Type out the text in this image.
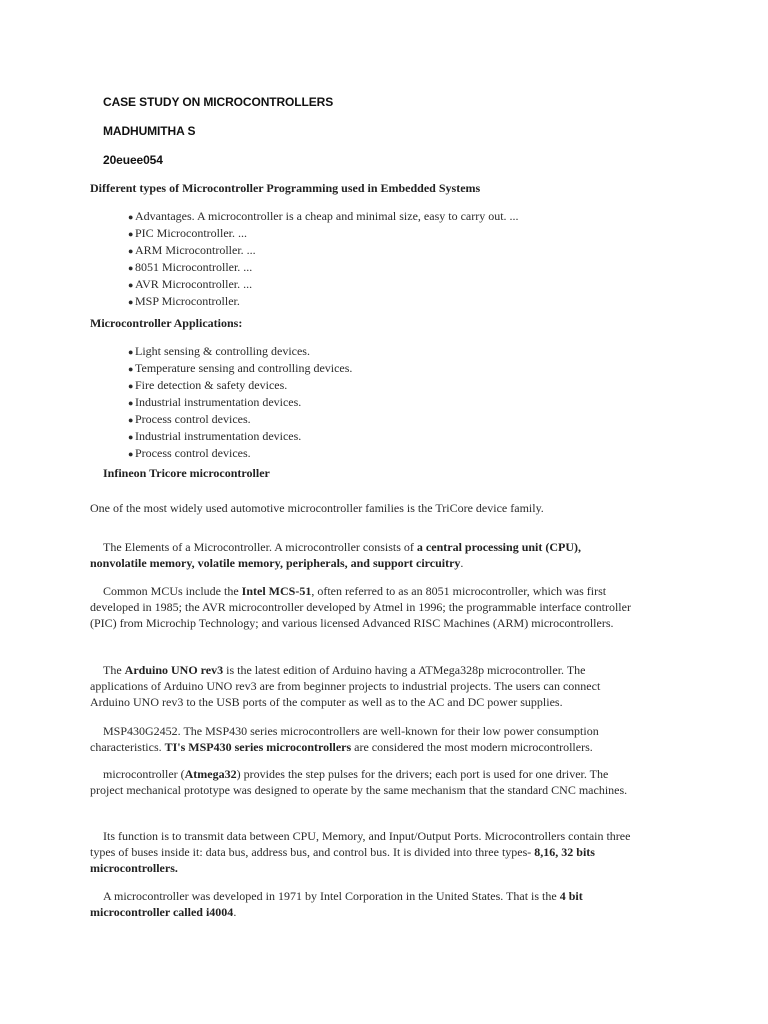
CASE STUDY ON MICROCONTROLLERS
MADHUMITHA S
20euee054
Different types of Microcontroller Programming used in Embedded Systems
● Advantages. A microcontroller is a cheap and minimal size, easy to carry out. ...
● PIC Microcontroller. ...
● ARM Microcontroller. ...
● 8051 Microcontroller. ...
● AVR Microcontroller. ...
● MSP Microcontroller.
Microcontroller Applications:
● Light sensing & controlling devices.
● Temperature sensing and controlling devices.
● Fire detection & safety devices.
● Industrial instrumentation devices.
● Process control devices.
● Industrial instrumentation devices.
● Process control devices.
Infineon Tricore microcontroller
One of the most widely used automotive microcontroller families is the TriCore device family.

The Elements of a Microcontroller. A microcontroller consists of a central processing unit (CPU), nonvolatile memory, volatile memory, peripherals, and support circuitry.

Common MCUs include the Intel MCS-51, often referred to as an 8051 microcontroller, which was first developed in 1985; the AVR microcontroller developed by Atmel in 1996; the programmable interface controller (PIC) from Microchip Technology; and various licensed Advanced RISC Machines (ARM) microcontrollers.

The Arduino UNO rev3 is the latest edition of Arduino having a ATMega328p microcontroller. The applications of Arduino UNO rev3 are from beginner projects to industrial projects. The users can connect Arduino UNO rev3 to the USB ports of the computer as well as to the AC and DC power supplies.

MSP430G2452. The MSP430 series microcontrollers are well-known for their low power consumption characteristics. TI's MSP430 series microcontrollers are considered the most modern microcontrollers.

microcontroller (Atmega32) provides the step pulses for the drivers; each port is used for one driver. The project mechanical prototype was designed to operate by the same mechanism that the standard CNC machines.

Its function is to transmit data between CPU, Memory, and Input/Output Ports. Microcontrollers contain three types of buses inside it: data bus, address bus, and control bus. It is divided into three types- 8,16, 32 bits microcontrollers.

A microcontroller was developed in 1971 by Intel Corporation in the United States. That is the 4 bit microcontroller called i4004.
